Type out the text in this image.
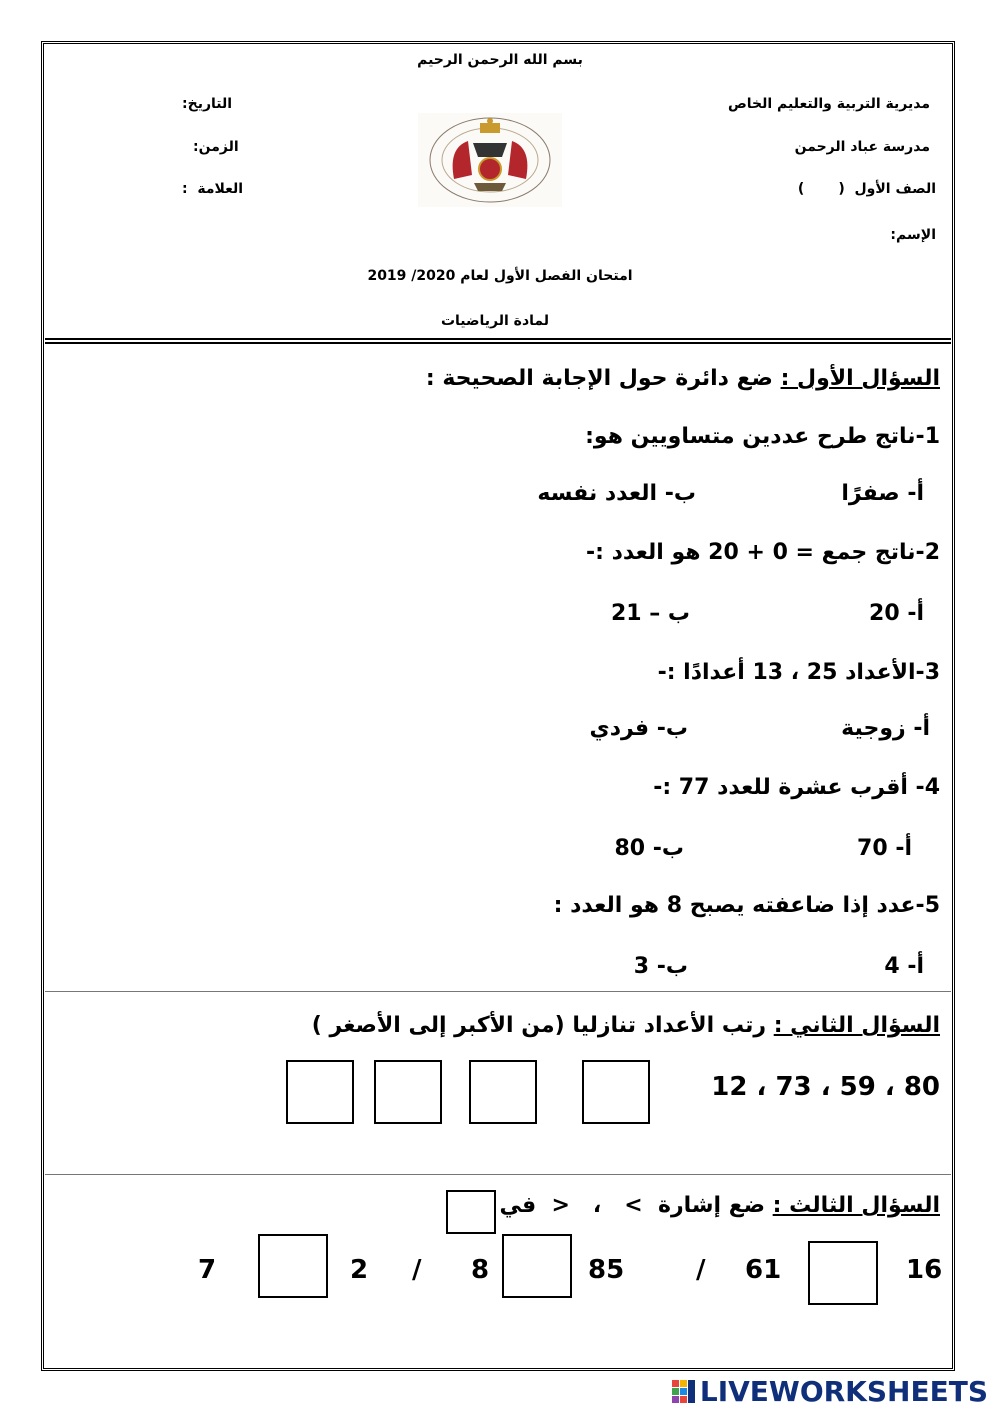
بسم الله الرحمن الرحيم
مديرية التربية والتعليم الخاص
مدرسة عباد الرحمن
الصف الأول  (       )
الإسم:
التاريخ:
الزمن:
العلامة  :
امتحان الفصل الأول لعام 2020/ 2019
لمادة الرياضيات
السؤال الأول : ضع دائرة حول الإجابة الصحيحة :
1-ناتج طرح عددين متساويين هو:
أ- صفرًا
ب- العدد نفسه
2-ناتج جمع = 0 + 20 هو العدد :-
أ- 20
ب – 21
3-الأعداد 25 ، 13 أعدادًا :-
أ- زوجية
ب- فردي
4- أقرب عشرة للعدد 77 :-
أ- 70
ب- 80
5-عدد إذا ضاعفته يصبح 8 هو العدد :
أ- 4
ب- 3
السؤال الثاني : رتب الأعداد تنازليا (من الأكبر إلى الأصغر )
80 ، 59 ، 73 ، 12
السؤال الثالث : ضع إشارة  >   ،   <  في
16
61
/
85
8
/
2
7
LIVEWORKSHEETS
